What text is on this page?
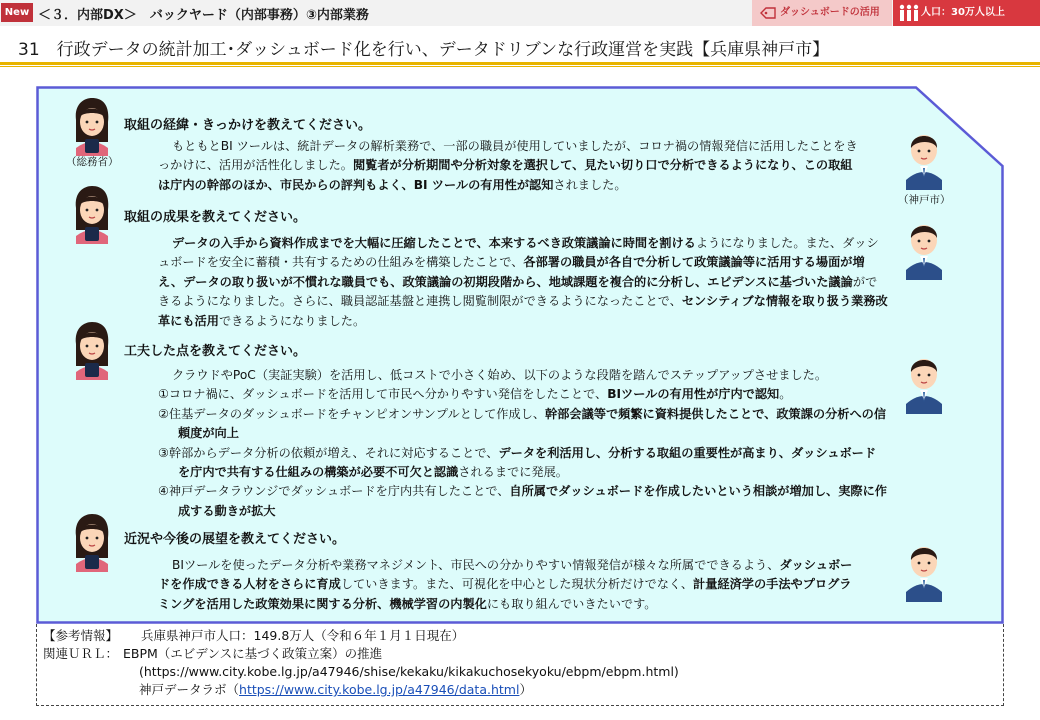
New ＜３．内部DX＞　バックヤード（内部事務）③内部業務	ダッシュボードの活用	人口：30万人以上
31　行政データの統計加工･ダッシュボード化を行い、データドリブンな行政運営を実践【兵庫県神戸市】
（総務省）
（神戸市）
取組の経緯・きっかけを教えてください。

もともとBI ツールは、統計データの解析業務で、一部の職員が使用していましたが、コロナ禍の情報発信に活用したことをきっかけに、活用が活性化しました。閲覧者が分析期間や分析対象を選択して、見たい切り口で分析できるようになり、この取組は庁内の幹部のほか、市民からの評判もよく、BI ツールの有用性が認知されました。

取組の成果を教えてください。

データの入手から資料作成までを大幅に圧縮したことで、本来するべき政策議論に時間を割けるようになりました。また、ダッシュボードを安全に蓄積・共有するための仕組みを構築したことで、各部署の職員が各自で分析して政策議論等に活用する場面が増え、データの取り扱いが不慣れな職員でも、政策議論の初期段階から、地域課題を複合的に分析し、エビデンスに基づいた議論ができるようになりました。さらに、職員認証基盤と連携し閲覧制限ができるようになったことで、センシティブな情報を取り扱う業務改革にも活用できるようになりました。

工夫した点を教えてください。
クラウドやPoC（実証実験）を活用し、低コストで小さく始め、以下のような段階を踏んでステップアップさせました。
①コロナ禍に、ダッシュボードを活用して市民へ分かりやすい発信をしたことで、BIツールの有用性が庁内で認知。
②住基データのダッシュボードをチャンピオンサンプルとして作成し、幹部会議等で頻繁に資料提供したことで、政策課の分析への信頼度が向上
③幹部からデータ分析の依頼が増え、それに対応することで、データを利活用し、分析する取組の重要性が高まり、ダッシュボードを庁内で共有する仕組みの構築が必要不可欠と認識されるまでに発展。
④神戸データラウンジでダッシュボードを庁内共有したことで、自所属でダッシュボードを作成したいという相談が増加し、実際に作成する動きが拡大
近況や今後の展望を教えてください。

BIツールを使ったデータ分析や業務マネジメント、市民への分かりやすい情報発信が様々な所属でできるよう、ダッシュボードを作成できる人材をさらに育成していきます。また、可視化を中心とした現状分析だけでなく、計量経済学の手法やプログラミングを活用した政策効果に関する分析、機械学習の内製化にも取り組んでいきたいです。

【参考情報】 兵庫県神戸市人口：149.8万人（令和６年１月１日現在）
関連ＵＲＬ： EBPM（エビデンスに基づく政策立案）の推進
(https://www.city.kobe.lg.jp/a47946/shise/kekaku/kikakuchosekyoku/ebpm/ebpm.html)
神戸データラボ（https://www.city.kobe.lg.jp/a47946/data.html）
